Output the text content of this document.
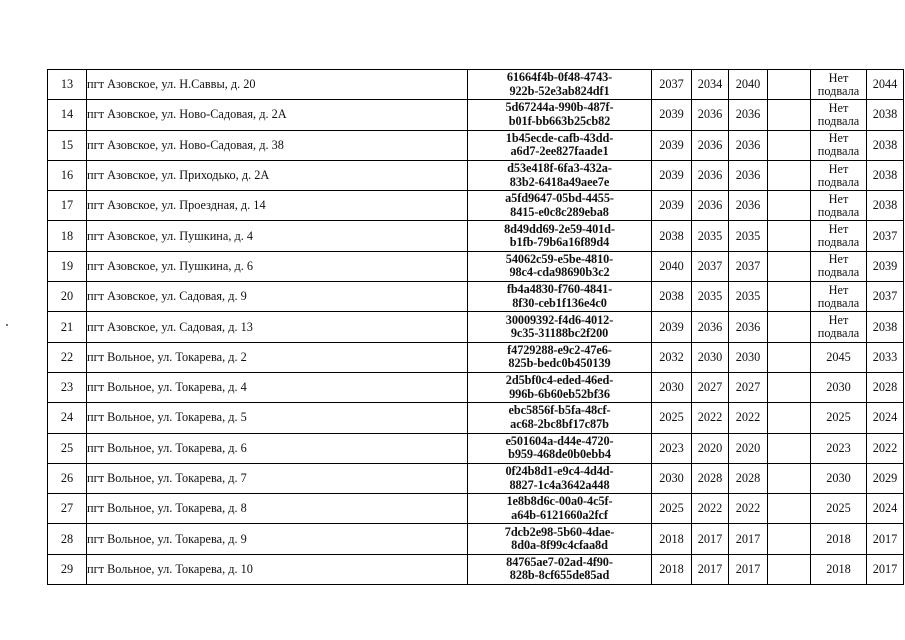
13	пгт Азовское, ул. Н.Саввы, д. 20	61664f4b-0f48-4743-
922b-52e3ab824df1	2037	2034	2040		Нет подвала	2044
14	пгт Азовское, ул. Ново-Садовая, д. 2А	5d67244a-990b-487f-
b01f-bb663b25cb82	2039	2036	2036		Нет подвала	2038
15	пгт Азовское, ул. Ново-Садовая, д. 38	1b45ecde-cafb-43dd-
a6d7-2ee827faade1	2039	2036	2036		Нет подвала	2038
16	пгт Азовское, ул. Приходько, д. 2А	d53e418f-6fa3-432a-
83b2-6418a49aee7e	2039	2036	2036		Нет подвала	2038
17	пгт Азовское, ул. Проездная, д. 14	a5fd9647-05bd-4455-
8415-e0c8c289eba8	2039	2036	2036		Нет подвала	2038
18	пгт Азовское, ул. Пушкина, д. 4	8d49dd69-2e59-401d-
b1fb-79b6a16f89d4	2038	2035	2035		Нет подвала	2037
19	пгт Азовское, ул. Пушкина, д. 6	54062c59-e5be-4810-
98c4-cda98690b3c2	2040	2037	2037		Нет подвала	2039
20	пгт Азовское, ул. Садовая, д. 9	fb4a4830-f760-4841-
8f30-ceb1f136e4c0	2038	2035	2035		Нет подвала	2037
21	пгт Азовское, ул. Садовая, д. 13	30009392-f4d6-4012-
9c35-31188bc2f200	2039	2036	2036		Нет подвала	2038
22	пгт Вольное, ул. Токарева, д. 2	f4729288-e9c2-47e6-
825b-bedc0b450139	2032	2030	2030		2045	2033
23	пгт Вольное, ул. Токарева, д. 4	2d5bf0c4-eded-46ed-
996b-6b60eb52bf36	2030	2027	2027		2030	2028
24	пгт Вольное, ул. Токарева, д. 5	ebc5856f-b5fa-48cf-
ac68-2bc8bf17c87b	2025	2022	2022		2025	2024
25	пгт Вольное, ул. Токарева, д. 6	e501604a-d44e-4720-
b959-468de0b0ebb4	2023	2020	2020		2023	2022
26	пгт Вольное, ул. Токарева, д. 7	0f24b8d1-e9c4-4d4d-
8827-1c4a3642a448	2030	2028	2028		2030	2029
27	пгт Вольное, ул. Токарева, д. 8	1e8b8d6c-00a0-4c5f-
a64b-6121660a2fcf	2025	2022	2022		2025	2024
28	пгт Вольное, ул. Токарева, д. 9	7dcb2e98-5b60-4dae-
8d0a-8f99c4cfaa8d	2018	2017	2017		2018	2017
29	пгт Вольное, ул. Токарева, д. 10	84765ae7-02ad-4f90-
828b-8cf655de85ad	2018	2017	2017		2018	2017
